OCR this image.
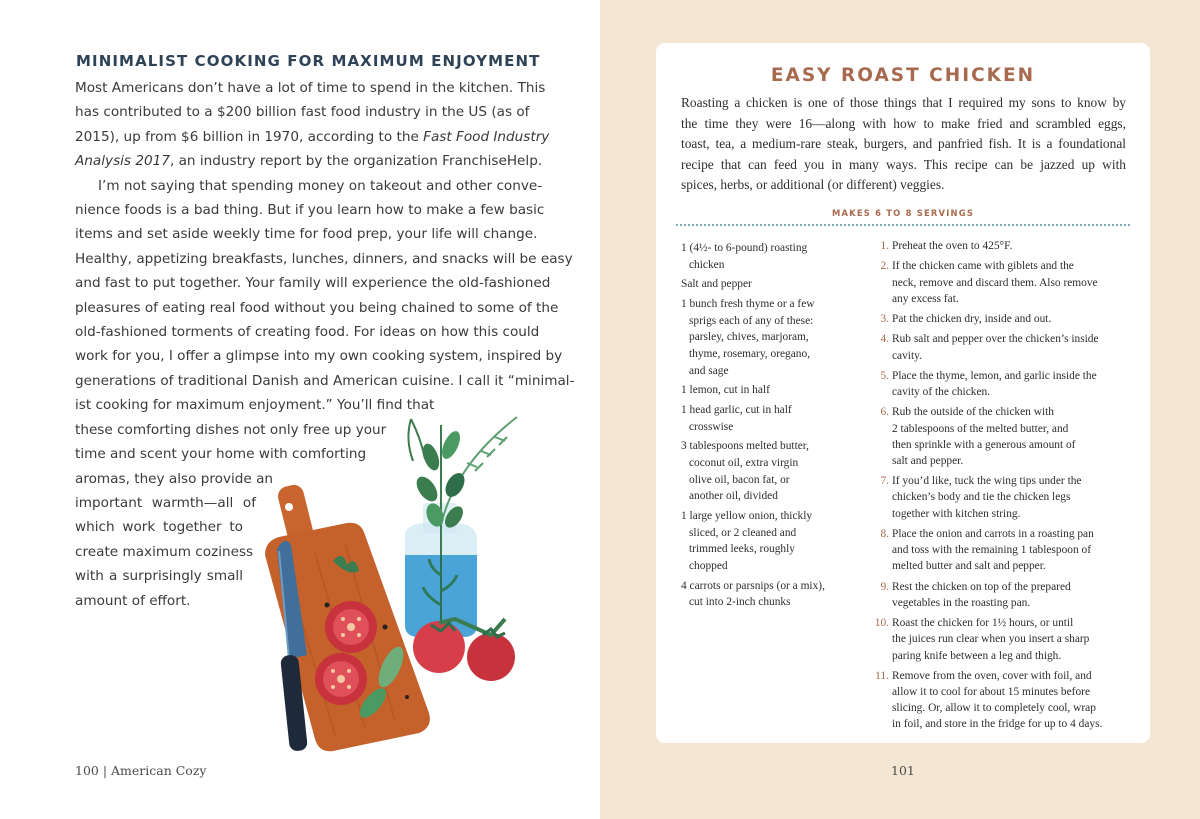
MINIMALIST COOKING FOR MAXIMUM ENJOYMENT
Most Americans don’t have a lot of time to spend in the kitchen. This
has contributed to a $200 billion fast food industry in the US (as of
2015), up from $6 billion in 1970, according to the Fast Food Industry
Analysis 2017, an industry report by the organization FranchiseHelp.
I’m not saying that spending money on takeout and other conve-
nience foods is a bad thing. But if you learn how to make a few basic
items and set aside weekly time for food prep, your life will change.
Healthy, appetizing breakfasts, lunches, dinners, and snacks will be easy
and fast to put together. Your family will experience the old-fashioned
pleasures of eating real food without you being chained to some of the
old-fashioned torments of creating food. For ideas on how this could
work for you, I offer a glimpse into my own cooking system, inspired by
generations of traditional Danish and American cuisine. I call it “minimal-
ist cooking for maximum enjoyment.” You’ll find that
these comforting dishes not only free up your
time and scent your home with comforting
aromas, they also provide an
important warmth—all of
which work together to
create maximum coziness
with a surprisingly small
amount of effort.
100 | American Cozy	101
EASY ROAST CHICKEN
Roasting a chicken is one of those things that I required my sons to know by
the time they were 16—along with how to make fried and scrambled eggs,
toast, tea, a medium-rare steak, burgers, and panfried fish. It is a foundational
recipe that can feed you in many ways. This recipe can be jazzed up with
spices, herbs, or additional (or different) veggies.
MAKES 6 TO 8 SERVINGS
1 (4½- to 6-pound) roasting
chicken
Salt and pepper
1 bunch fresh thyme or a few
sprigs each of any of these:
parsley, chives, marjoram,
thyme, rosemary, oregano,
and sage
1 lemon, cut in half
1 head garlic, cut in half
crosswise
3 tablespoons melted butter,
coconut oil, extra virgin
olive oil, bacon fat, or
another oil, divided
1 large yellow onion, thickly
sliced, or 2 cleaned and
trimmed leeks, roughly
chopped
4 carrots or parsnips (or a mix),
cut into 2-inch chunks
1. Preheat the oven to 425°F.
2. If the chicken came with giblets and the
neck, remove and discard them. Also remove
any excess fat.
3. Pat the chicken dry, inside and out.
4. Rub salt and pepper over the chicken’s inside
cavity.
5. Place the thyme, lemon, and garlic inside the
cavity of the chicken.
6. Rub the outside of the chicken with
2 tablespoons of the melted butter, and
then sprinkle with a generous amount of
salt and pepper.
7. If you’d like, tuck the wing tips under the
chicken’s body and tie the chicken legs
together with kitchen string.
8. Place the onion and carrots in a roasting pan
and toss with the remaining 1 tablespoon of
melted butter and salt and pepper.
9. Rest the chicken on top of the prepared
vegetables in the roasting pan.
10. Roast the chicken for 1½ hours, or until
the juices run clear when you insert a sharp
paring knife between a leg and thigh.
11. Remove from the oven, cover with foil, and
allow it to cool for about 15 minutes before
slicing. Or, allow it to completely cool, wrap
in foil, and store in the fridge for up to 4 days.
